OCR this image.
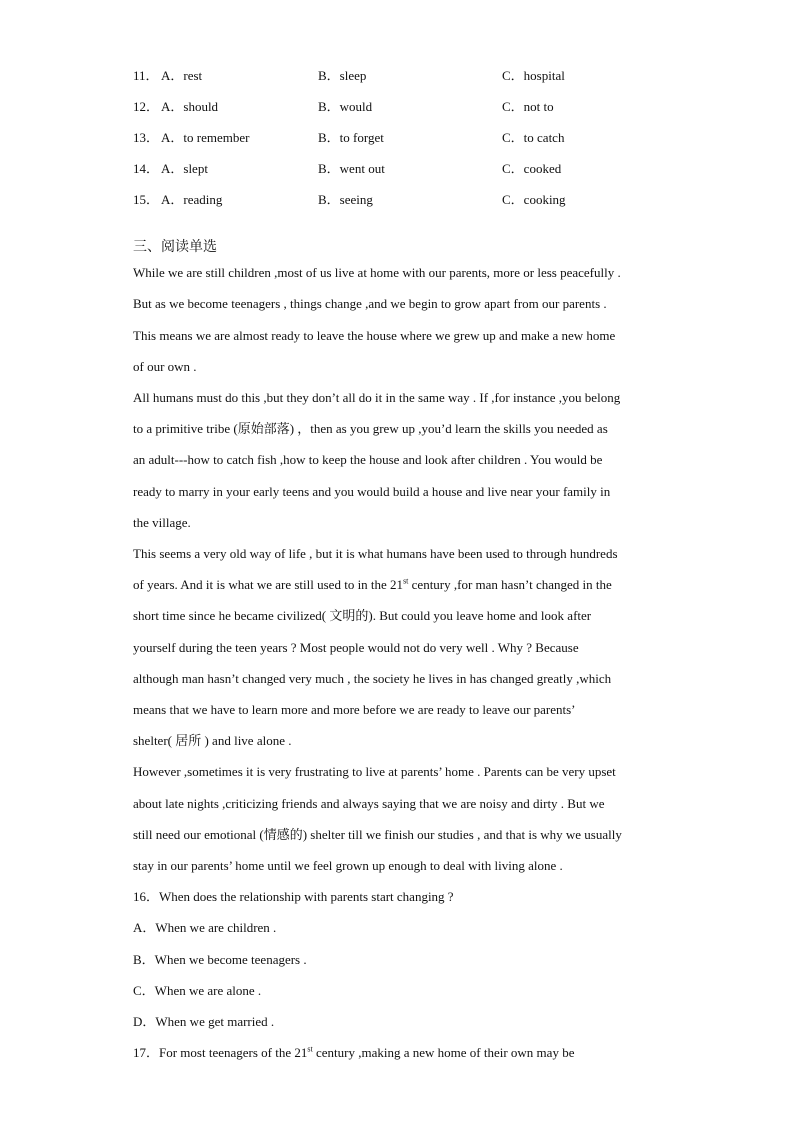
11． A．rest	B．sleep	C．hospital
12． A．should	B．would	C．not to
13． A．to remember	B．to forget	C．to catch
14． A．slept	B．went out	C．cooked
15． A．reading	B．seeing	C．cooking
三、阅读单选
While we are still children ,most of us live at home with our parents, more or less peacefully .
But as we become teenagers , things change ,and we begin to grow apart from our parents .
This means we are almost ready to leave the house where we grew up and make a new home
of our own .
All humans must do this ,but they don’t all do it in the same way . If ,for instance ,you belong
to a primitive tribe (原始部落) ，then as you grew up ,you’d learn the skills you needed as
an adult---how to catch fish ,how to keep the house and look after children . You would be
ready to marry in your early teens and you would build a house and live near your family in
the village.
This seems a very old way of life , but it is what humans have been used to through hundreds
of years. And it is what we are still used to in the 21st century ,for man hasn’t changed in the
short time since he became civilized( 文明的). But could you leave home and look after
yourself during the teen years ? Most people would not do very well . Why ? Because
although man hasn’t changed very much , the society he lives in has changed greatly ,which
means that we have to learn more and more before we are ready to leave our parents’
shelter( 居所 ) and live alone .
However ,sometimes it is very frustrating to live at parents’ home . Parents can be very upset
about late nights ,criticizing friends and always saying that we are noisy and dirty . But we
still need our emotional (情感的) shelter till we finish our studies , and that is why we usually
stay in our parents’ home until we feel grown up enough to deal with living alone .
16．When does the relationship with parents start changing ?
A．When we are children .
B．When we become teenagers .
C．When we are alone .
D．When we get married .
17．For most teenagers of the 21st century ,making a new home of their own may be
